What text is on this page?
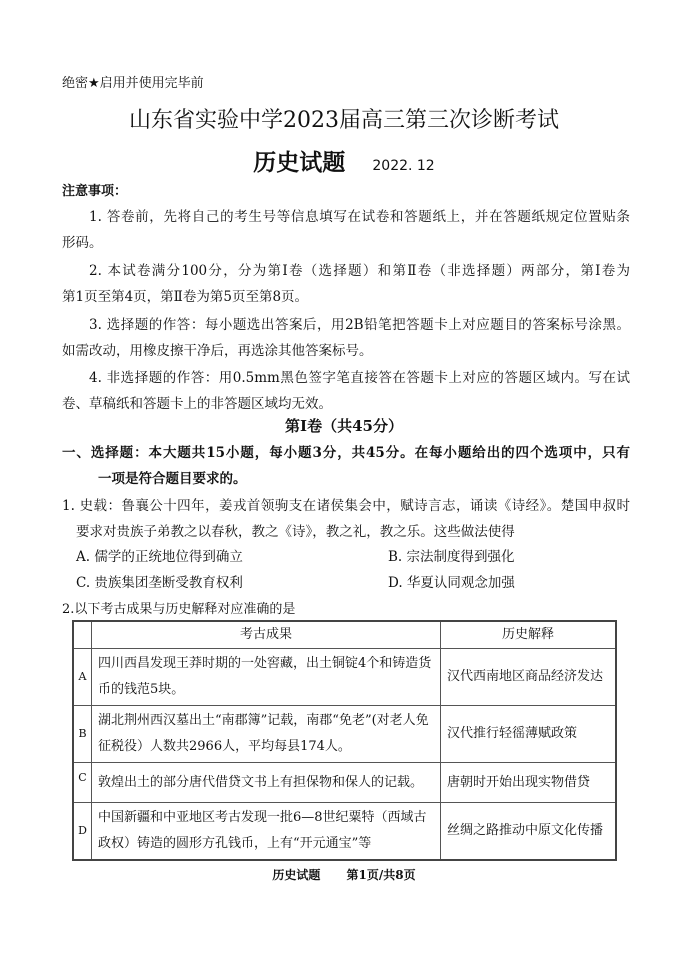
绝密★启用并使用完毕前
山东省实验中学2023届高三第三次诊断考试
历史试题 2022. 12
注意事项：
1. 答卷前，先将自己的考生号等信息填写在试卷和答题纸上，并在答题纸规定位置贴条
形码。
2. 本试卷满分100分，分为第Ⅰ卷（选择题）和第Ⅱ卷（非选择题）两部分，第Ⅰ卷为
第1页至第4页，第Ⅱ卷为第5页至第8页。
3. 选择题的作答：每小题选出答案后，用2B铅笔把答题卡上对应题目的答案标号涂黑。
如需改动，用橡皮擦干净后，再选涂其他答案标号。
4. 非选择题的作答：用0.5mm黑色签字笔直接答在答题卡上对应的答题区域内。写在试
卷、草稿纸和答题卡上的非答题区域均无效。
第Ⅰ卷（共45分）
一、选择题：本大题共15小题，每小题3分，共45分。在每小题给出的四个选项中，只有
一项是符合题目要求的。
1. 史载：鲁襄公十四年，姜戎首领驹支在诸侯集会中，赋诗言志，诵读《诗经》。楚国申叔时
要求对贵族子弟教之以春秋，教之《诗》，教之礼，教之乐。这些做法使得
A. 儒学的正统地位得到确立	B. 宗法制度得到强化
C. 贵族集团垄断受教育权利	D. 华夏认同观念加强
2.以下考古成果与历史解释对应准确的是
	考古成果	历史解释
A	四川西昌发现王莽时期的一处窖藏，出土铜锭4个和铸造货币的钱范5块。	汉代西南地区商品经济发达
B	湖北荆州西汉墓出土“南郡簿”记载，南郡“免老”(对老人免征税役）人数共2966人，平均每县174人。	汉代推行轻徭薄赋政策
C	敦煌出土的部分唐代借贷文书上有担保物和保人的记载。	唐朝时开始出现实物借贷
D	中国新疆和中亚地区考古发现一批6—8世纪粟特（西域古政权）铸造的圆形方孔钱币，上有“开元通宝”等	丝绸之路推动中原文化传播
历史试题 第1页/共8页
